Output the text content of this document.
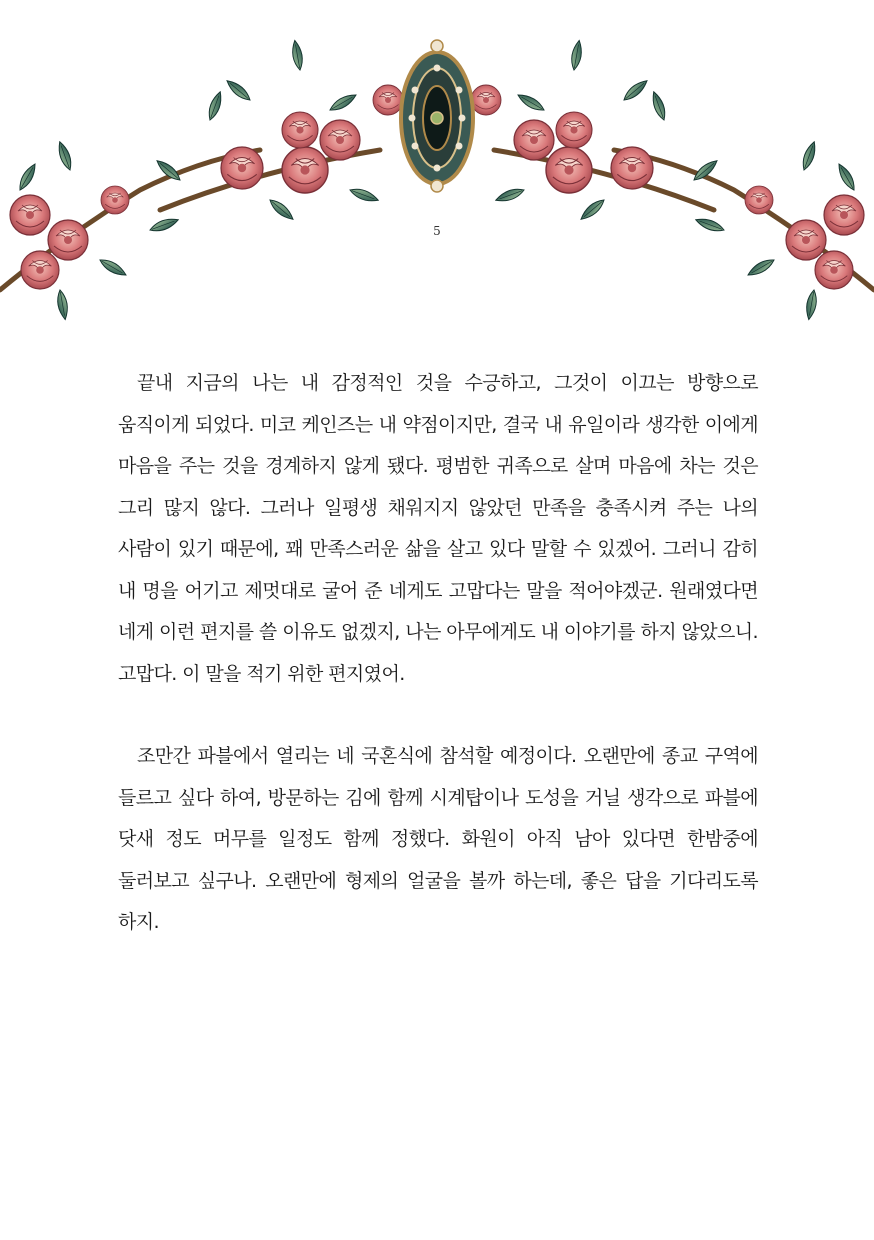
5

끝내 지금의 나는 내 감정적인 것을 수긍하고, 그것이 이끄는 방향으로 움직이게 되었다. 미코 케인즈는 내 약점이지만, 결국 내 유일이라 생각한 이에게 마음을 주는 것을 경계하지 않게 됐다. 평범한 귀족으로 살며 마음에 차는 것은 그리 많지 않다. 그러나 일평생 채워지지 않았던 만족을 충족시켜 주는 나의 사람이 있기 때문에, 꽤 만족스러운 삶을 살고 있다 말할 수 있겠어. 그러니 감히 내 명을 어기고 제멋대로 굴어 준 네게도 고맙다는 말을 적어야겠군. 원래였다면 네게 이런 편지를 쓸 이유도 없겠지, 나는 아무에게도 내 이야기를 하지 않았으니. 고맙다. 이 말을 적기 위한 편지였어.

조만간 파블에서 열리는 네 국혼식에 참석할 예정이다. 오랜만에 종교 구역에 들르고 싶다 하여, 방문하는 김에 함께 시계탑이나 도성을 거닐 생각으로 파블에 닷새 정도 머무를 일정도 함께 정했다. 화원이 아직 남아 있다면 한밤중에 둘러보고 싶구나. 오랜만에 형제의 얼굴을 볼까 하는데, 좋은 답을 기다리도록 하지.
